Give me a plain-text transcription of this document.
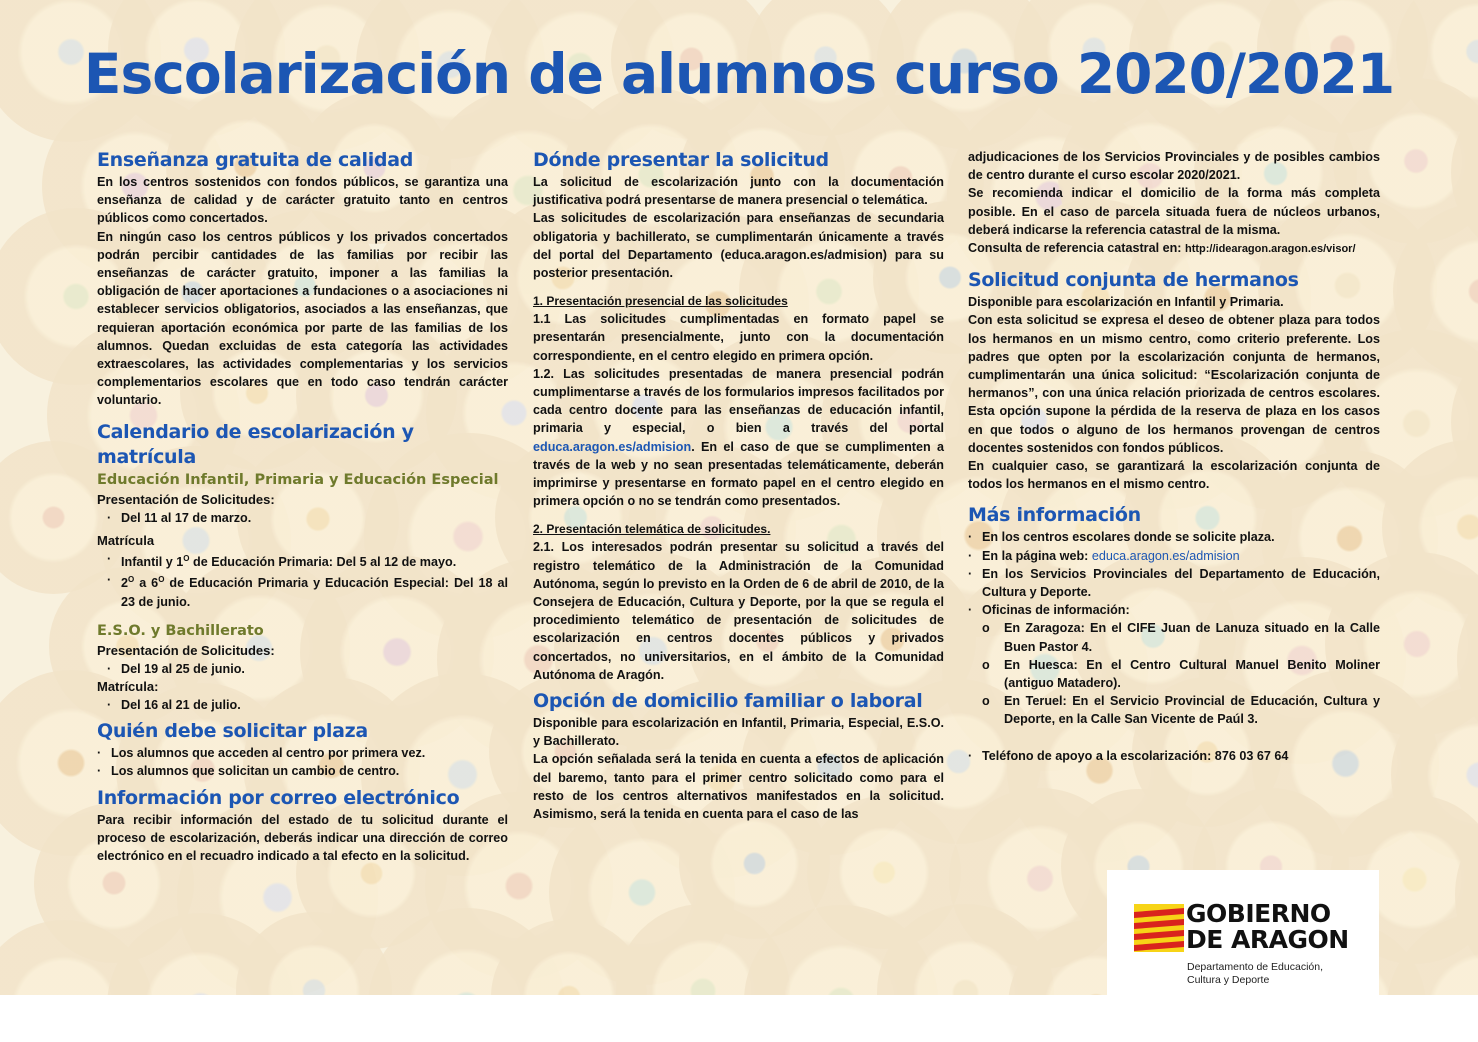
Escolarización de alumnos curso 2020/2021
Enseñanza gratuita de calidad

En los centros sostenidos con fondos públicos, se garantiza una enseñanza de calidad y de carácter gratuito tanto en centros públicos como concertados.

En ningún caso los centros públicos y los privados concertados podrán percibir cantidades de las familias por recibir las enseñanzas de carácter gratuito, imponer a las familias la obligación de hacer aportaciones a fundaciones o a asociaciones ni establecer servicios obligatorios, asociados a las enseñanzas, que requieran aportación económica por parte de las familias de los alumnos. Quedan excluidas de esta categoría las actividades extraescolares, las actividades complementarias y los servicios complementarios escolares que en todo caso tendrán carácter voluntario.

Calendario de escolarización y matrícula
Educación Infantil, Primaria y Educación Especial
Presentación de Solicitudes:
· Del 11 al 17 de marzo.
Matrícula
· Infantil y $1^O$ de Educación Primaria: Del 5 al 12 de mayo.
· $2^O$ a $6^O$ de Educación Primaria y Educación Especial: Del 18 al 23 de junio.
E.S.O. y Bachillerato
Presentación de Solicitudes:
· Del 19 al 25 de junio.
Matrícula:
· Del 16 al 21 de julio.
Quién debe solicitar plaza
· Los alumnos que acceden al centro por primera vez.
· Los alumnos que solicitan un cambio de centro.
Información por correo electrónico

Para recibir información del estado de tu solicitud durante el proceso de escolarización, deberás indicar una dirección de correo electrónico en el recuadro indicado a tal efecto en la solicitud.

Dónde presentar la solicitud

La solicitud de escolarización junto con la documentación justificativa podrá presentarse de manera presencial o telemática.

Las solicitudes de escolarización para enseñanzas de secundaria obligatoria y bachillerato, se cumplimentarán únicamente a través del portal del Departamento (educa.aragon.es/admision) para su posterior presentación.

1. Presentación presencial de las solicitudes

1.1 Las solicitudes cumplimentadas en formato papel se presentarán presencialmente, junto con la documentación correspondiente, en el centro elegido en primera opción.

1.2. Las solicitudes presentadas de manera presencial podrán cumplimentarse a través de los formularios impresos facilitados por cada centro docente para las enseñanzas de educación infantil, primaria y especial, o bien a través del portal educa.aragon.es/admision. En el caso de que se cumplimenten a través de la web y no sean presentadas telemáticamente, deberán imprimirse y presentarse en formato papel en el centro elegido en primera opción o no se tendrán como presentados.

2. Presentación telemática de solicitudes.

2.1. Los interesados podrán presentar su solicitud a través del registro telemático de la Administración de la Comunidad Autónoma, según lo previsto en la Orden de 6 de abril de 2010, de la Consejera de Educación, Cultura y Deporte, por la que se regula el procedimiento telemático de presentación de solicitudes de escolarización en centros docentes públicos y privados concertados, no universitarios, en el ámbito de la Comunidad Autónoma de Aragón.

Opción de domicilio familiar o laboral

Disponible para escolarización en Infantil, Primaria, Especial, E.S.O. y Bachillerato.

La opción señalada será la tenida en cuenta a efectos de aplicación del baremo, tanto para el primer centro solicitado como para el resto de los centros alternativos manifestados en la solicitud. Asimismo, será la tenida en cuenta para el caso de las

adjudicaciones de los Servicios Provinciales y de posibles cambios de centro durante el curso escolar 2020/2021.

Se recomienda indicar el domicilio de la forma más completa posible. En el caso de parcela situada fuera de núcleos urbanos, deberá indicarse la referencia catastral de la misma.

Consulta de referencia catastral en: http://idearagon.aragon.es/visor/

Solicitud conjunta de hermanos

Disponible para escolarización en Infantil y Primaria.

Con esta solicitud se expresa el deseo de obtener plaza para todos los hermanos en un mismo centro, como criterio preferente. Los padres que opten por la escolarización conjunta de hermanos, cumplimentarán una única solicitud: “Escolarización conjunta de hermanos”, con una única relación priorizada de centros escolares. Esta opción supone la pérdida de la reserva de plaza en los casos en que todos o alguno de los hermanos provengan de centros docentes sostenidos con fondos públicos.

En cualquier caso, se garantizará la escolarización conjunta de todos los hermanos en el mismo centro.

Más información
· En los centros escolares donde se solicite plaza.
· En la página web: educa.aragon.es/admision
· En los Servicios Provinciales del Departamento de Educación, Cultura y Deporte.
· Oficinas de información:
o	En Zaragoza: En el CIFE Juan de Lanuza situado en la Calle Buen Pastor 4.
o	En Huesca: En el Centro Cultural Manuel Benito Moliner (antiguo Matadero).
o	En Teruel: En el Servicio Provincial de Educación, Cultura y Deporte, en la Calle San Vicente de Paúl 3.
· Teléfono de apoyo a la escolarización: 876 03 67 64
GOBIERNO
DE ARAGON
Departamento de Educación,
Cultura y Deporte
